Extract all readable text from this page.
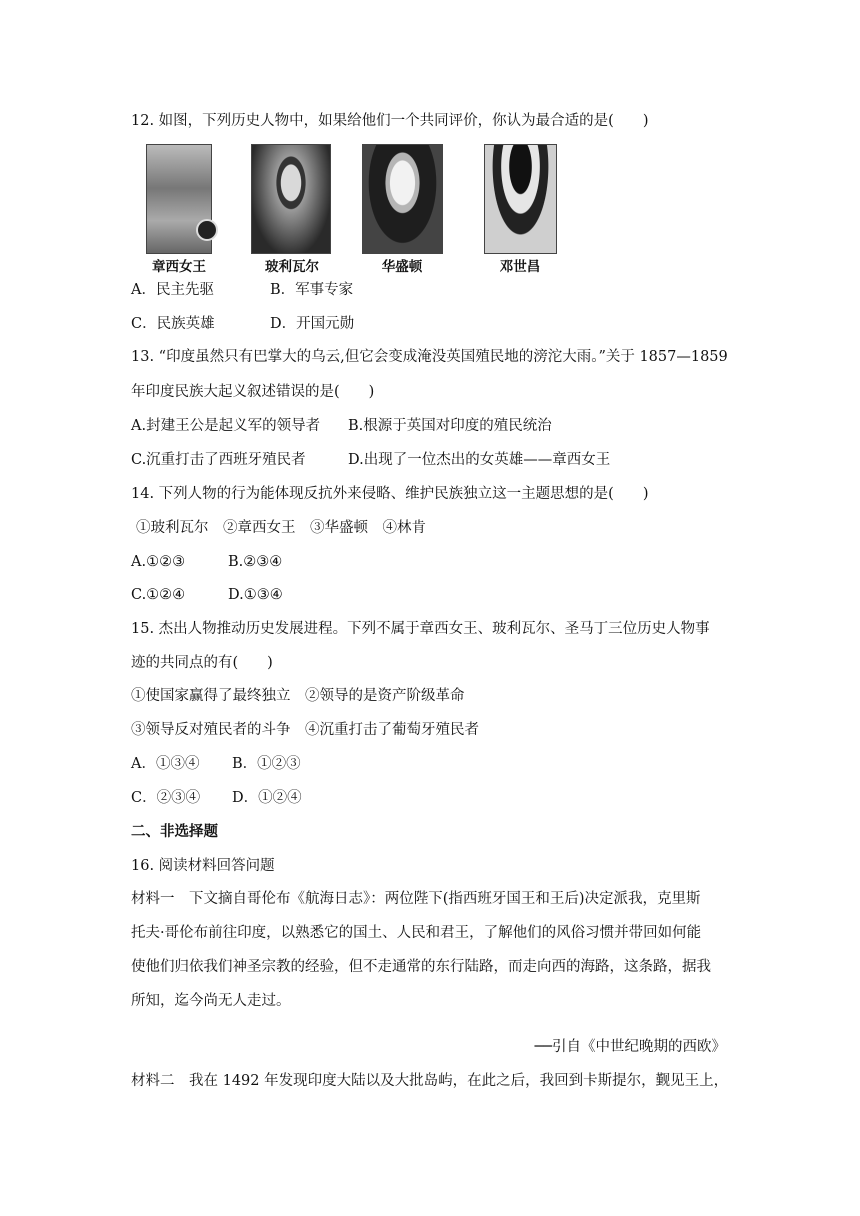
12. 如图，下列历史人物中，如果给他们一个共同评价，你认为最合适的是(　　)
章西女王	玻利瓦尔	华盛顿	邓世昌
A．民主先驱	B．军事专家
C．民族英雄	D．开国元勋
13. “印度虽然只有巴掌大的乌云,但它会变成淹没英国殖民地的滂沱大雨。”关于 1857—1859
年印度民族大起义叙述错误的是(　　)
A.封建王公是起义军的领导者 B.根源于英国对印度的殖民统治
C.沉重打击了西班牙殖民者	D.出现了一位杰出的女英雄——章西女王
14. 下列人物的行为能体现反抗外来侵略、维护民族独立这一主题思想的是(　　)
①玻利瓦尔　②章西女王　③华盛顿　④林肯
A.①②③	B.②③④
C.①②④	D.①③④
15. 杰出人物推动历史发展进程。下列不属于章西女王、玻利瓦尔、圣马丁三位历史人物事
迹的共同点的有(　　)
①使国家赢得了最终独立　②领导的是资产阶级革命
③领导反对殖民者的斗争　④沉重打击了葡萄牙殖民者
A．①③④ B．①②③
C．②③④ D．①②④
二、非选择题
16. 阅读材料回答问题
材料一　下文摘自哥伦布《航海日志》：两位陛下(指西班牙国王和王后)决定派我，克里斯
托夫·哥伦布前往印度，以熟悉它的国土、人民和君王，了解他们的风俗习惯并带回如何能
使他们归依我们神圣宗教的经验，但不走通常的东行陆路，而走向西的海路，这条路，据我
所知，迄今尚无人走过。
──引自《中世纪晚期的西欧》
材料二　我在 1492 年发现印度大陆以及大批岛屿，在此之后，我回到卡斯提尔，觐见王上，
